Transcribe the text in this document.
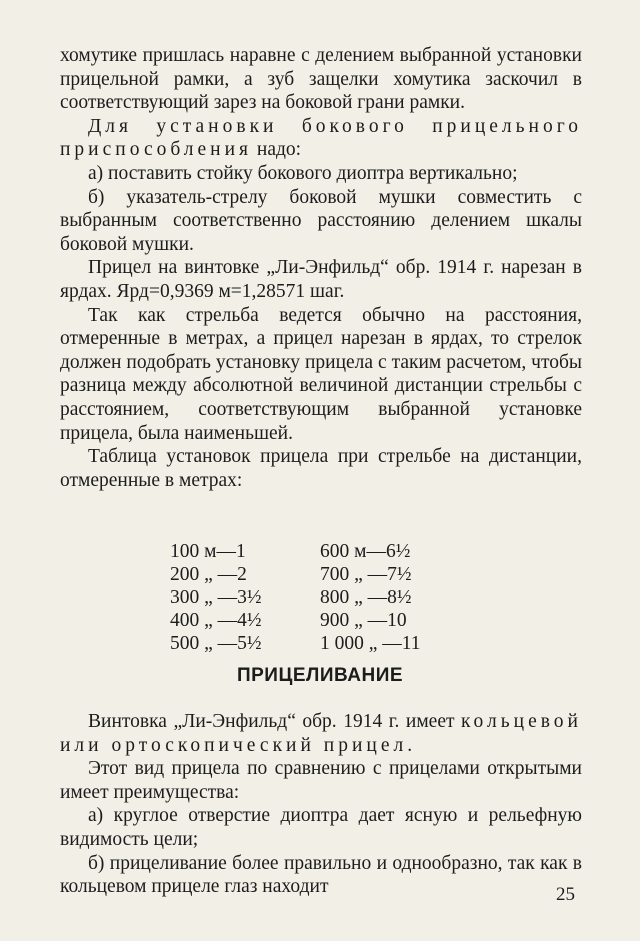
хомутике пришлась наравне с делением выбранной установки прицельной рамки, а зуб защелки хомутика заскочил в соответствующий зарез на боковой грани рамки.

Для установки бокового прицельного приспособления надо:

а) поставить стойку бокового диоптра вертикально;

б) указатель-стрелу боковой мушки совместить с выбранным соответственно расстоянию делением шкалы боковой мушки.

Прицел на винтовке „Ли-Энфильд“ обр. 1914 г. нарезан в ярдах. Ярд=0,9369 м=1,28571 шаг.

Так как стрельба ведется обычно на расстояния, отмеренные в метрах, а прицел нарезан в ярдах, то стрелок должен подобрать установку прицела с таким расчетом, чтобы разница между абсолютной величиной дистанции стрельбы с расстоянием, соответствующим выбранной установке прицела, была наименьшей.

Таблица установок прицела при стрельбе на дистанции, отмеренные в метрах:

100 м—1	600 м—6½
200 „ —2	700 „ —7½
300 „ —3½	800 „ —8½
400 „ —4½	900 „ —10
500 „ —5½	1 000 „ —11
ПРИЦЕЛИВАНИЕ

Винтовка „Ли-Энфильд“ обр. 1914 г. имеет кольцевой или ортоскопический прицел.

Этот вид прицела по сравнению с прицелами открытыми имеет преимущества:

а) круглое отверстие диоптра дает ясную и рельефную видимость цели;

б) прицеливание более правильно и однообразно, так как в кольцевом прицеле глаз находит	25
